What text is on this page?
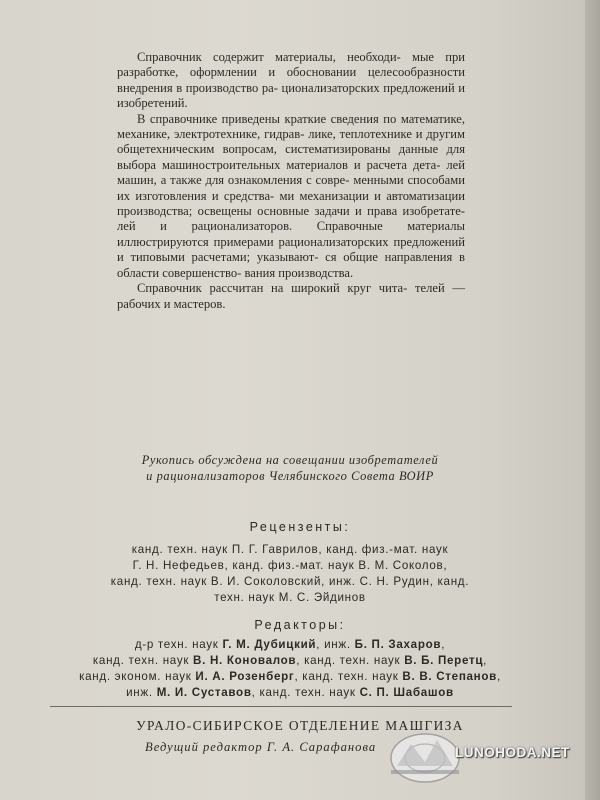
Справочник содержит материалы, необходи- мые при разработке, оформлении и обосновании целесообразности внедрения в производство ра- ционализаторских предложений и изобретений.

В справочнике приведены краткие сведения по математике, механике, электротехнике, гидрав- лике, теплотехнике и другим общетехническим вопросам, систематизированы данные для выбора машиностроительных материалов и расчета дета- лей машин, а также для ознакомления с совре- менными способами их изготовления и средства- ми механизации и автоматизации производства; освещены основные задачи и права изобретате- лей и рационализаторов. Справочные материалы иллюстрируются примерами рационализаторских предложений и типовыми расчетами; указывают- ся общие направления в области совершенство- вания производства.

Справочник рассчитан на широкий круг чита- телей — рабочих и мастеров.

Рукопись обсуждена на совещании изобретателей
и рационализаторов Челябинского Совета ВОИР
Рецензенты:
канд. техн. наук П. Г. Гаврилов, канд. физ.-мат. наук
Г. Н. Нефедьев, канд. физ.-мат. наук В. М. Соколов,
канд. техн. наук В. И. Соколовский, инж. С. Н. Рудин, канд.
техн. наук М. С. Эйдинов
Редакторы:
д-р техн. наук Г. М. Дубицкий, инж. Б. П. Захаров,
канд. техн. наук В. Н. Коновалов, канд. техн. наук В. Б. Перетц,
канд. эконом. наук И. А. Розенберг, канд. техн. наук В. В. Степанов,
инж. М. И. Суставов, канд. техн. наук С. П. Шабашов
УРАЛО-СИБИРСКОЕ ОТДЕЛЕНИЕ МАШГИЗА
Ведущий редактор Г. А. Сарафанова	LUNOHODA.NET
